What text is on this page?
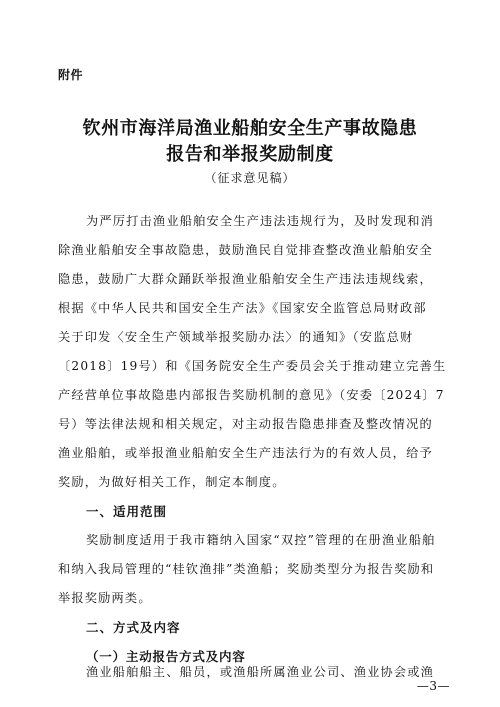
附件
钦州市海洋局渔业船舶安全生产事故隐患
报告和举报奖励制度
（征求意见稿）
为严厉打击渔业船舶安全生产违法违规行为，及时发现和消
除渔业船舶安全事故隐患，鼓励渔民自觉排查整改渔业船舶安全
隐患，鼓励广大群众踊跃举报渔业船舶安全生产违法违规线索，
根据《中华人民共和国安全生产法》《国家安全监管总局财政部
关于印发〈安全生产领域举报奖励办法〉的通知》（安监总财
〔2018〕19号）和《国务院安全生产委员会关于推动建立完善生
产经营单位事故隐患内部报告奖励机制的意见》（安委〔2024〕7
号）等法律法规和相关规定，对主动报告隐患排查及整改情况的
渔业船舶，或举报渔业船舶安全生产违法行为的有效人员，给予
奖励，为做好相关工作，制定本制度。
一、适用范围
奖励制度适用于我市籍纳入国家“双控”管理的在册渔业船舶
和纳入我局管理的“桂钦渔排”类渔船；奖励类型分为报告奖励和
举报奖励两类。
二、方式及内容
（一）主动报告方式及内容
渔业船舶船主、船员，或渔船所属渔业公司、渔业协会或渔
—3—
